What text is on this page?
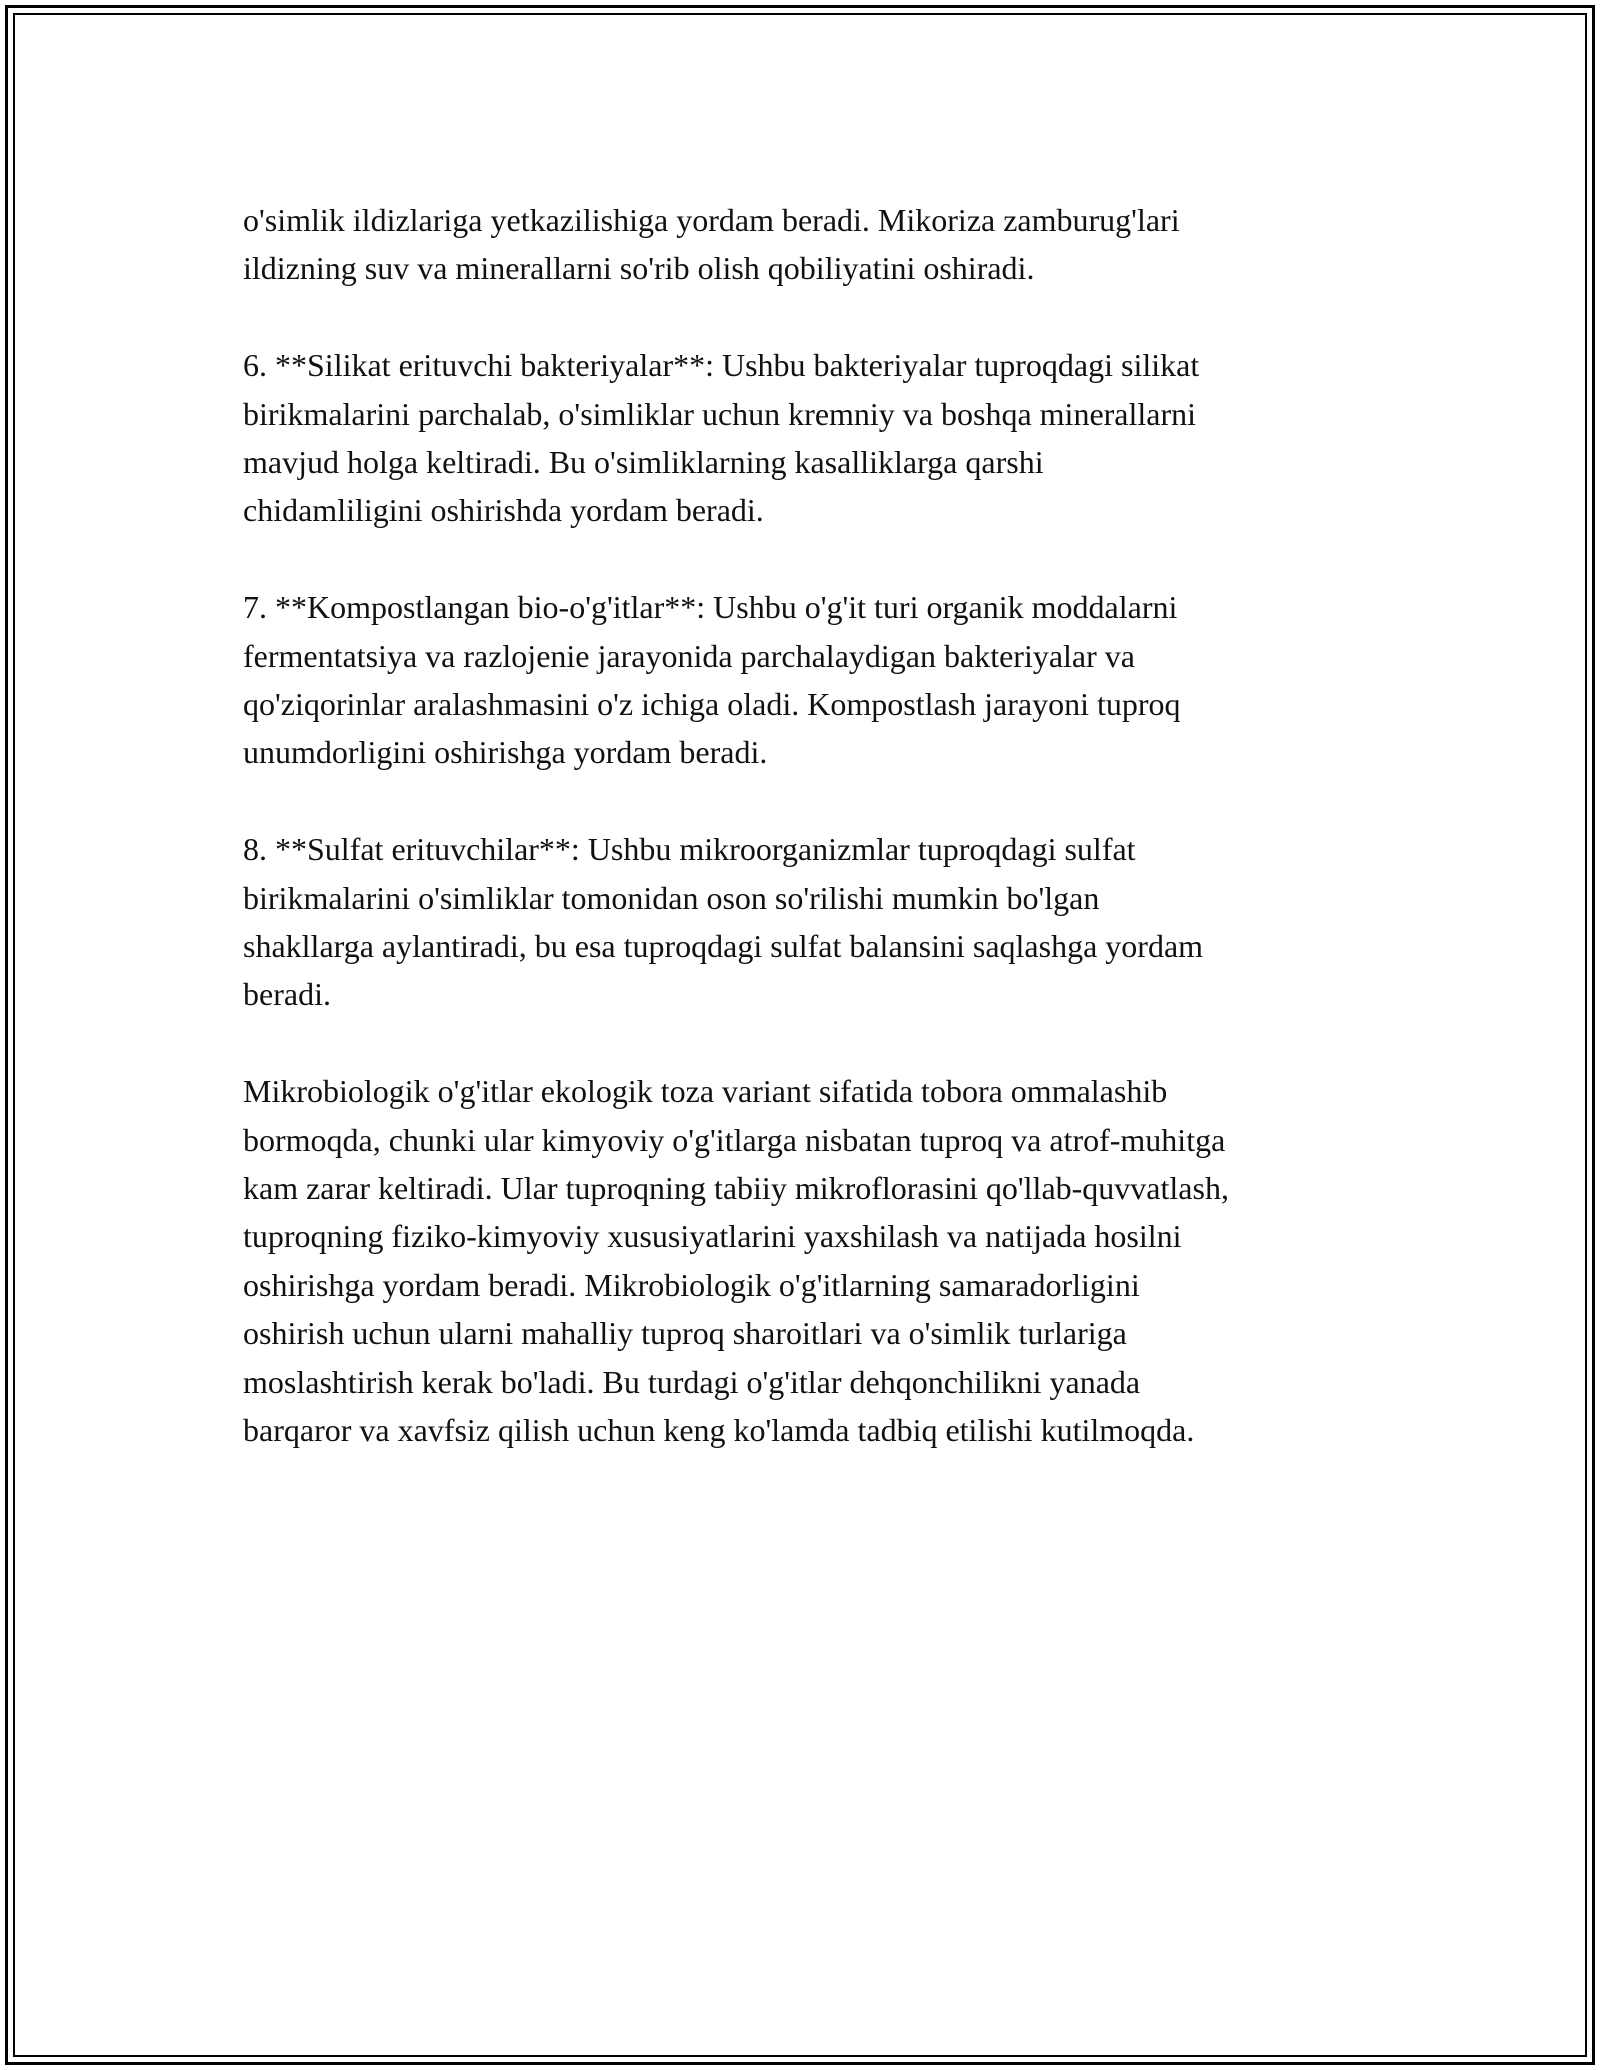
o'simlik ildizlariga yetkazilishiga yordam beradi. Mikoriza zamburug'lari
ildizning suv va minerallarni so'rib olish qobiliyatini oshiradi.

6. **Silikat erituvchi bakteriyalar**: Ushbu bakteriyalar tuproqdagi silikat
birikmalarini parchalab, o'simliklar uchun kremniy va boshqa minerallarni
mavjud holga keltiradi. Bu o'simliklarning kasalliklarga qarshi
chidamliligini oshirishda yordam beradi.

7. **Kompostlangan bio-o'g'itlar**: Ushbu o'g'it turi organik moddalarni
fermentatsiya va razlojenie jarayonida parchalaydigan bakteriyalar va
qo'ziqorinlar aralashmasini o'z ichiga oladi. Kompostlash jarayoni tuproq
unumdorligini oshirishga yordam beradi.

8. **Sulfat erituvchilar**: Ushbu mikroorganizmlar tuproqdagi sulfat
birikmalarini o'simliklar tomonidan oson so'rilishi mumkin bo'lgan
shakllarga aylantiradi, bu esa tuproqdagi sulfat balansini saqlashga yordam
beradi.

Mikrobiologik o'g'itlar ekologik toza variant sifatida tobora ommalashib
bormoqda, chunki ular kimyoviy o'g'itlarga nisbatan tuproq va atrof-muhitga
kam zarar keltiradi. Ular tuproqning tabiiy mikroflorasini qo'llab-quvvatlash,
tuproqning fiziko-kimyoviy xususiyatlarini yaxshilash va natijada hosilni
oshirishga yordam beradi. Mikrobiologik o'g'itlarning samaradorligini
oshirish uchun ularni mahalliy tuproq sharoitlari va o'simlik turlariga
moslashtirish kerak bo'ladi. Bu turdagi o'g'itlar dehqonchilikni yanada
barqaror va xavfsiz qilish uchun keng ko'lamda tadbiq etilishi kutilmoqda.
